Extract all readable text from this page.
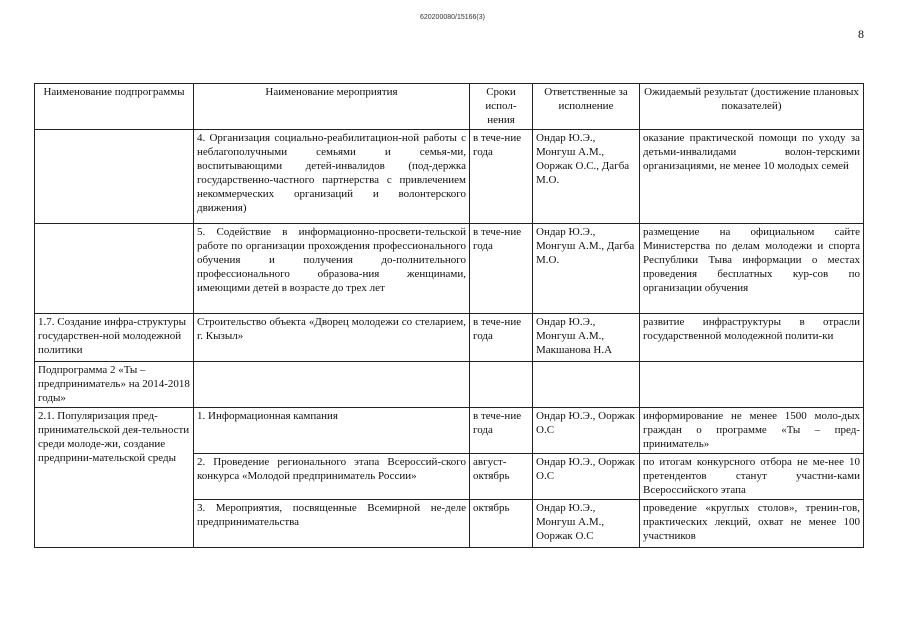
620200080/15166(3)
8
Наименование подпрограммы	Наименование мероприятия	Сроки испол-нения	Ответственные за исполнение	Ожидаемый результат (достижение плановых показателей)
	4. Организация социально-реабилитацион-ной работы с неблагополучными семьями и семья-ми, воспитывающими детей-инвалидов (под-держка государственно-частного партнерства с привлечением некоммерческих организаций и волонтерского движения)	в тече-ние года	Ондар Ю.Э., Монгуш А.М., Ооржак О.С., Дагба М.О.	оказание практической помощи по уходу за детьми-инвалидами волон-терскими организациями, не менее 10 молодых семей
	5. Содействие в информационно-просвети-тельской работе по организации прохождения профессионального обучения и получения до-полнительного профессионального образова-ния женщинами, имеющими детей в возрасте до трех лет	в тече-ние года	Ондар Ю.Э., Монгуш А.М., Дагба М.О.	размещение на официальном сайте Министерства по делам молодежи и спорта Республики Тыва информации о местах проведения бесплатных кур-сов по организации обучения
1.7. Создание инфра-структуры государствен-ной молодежной политики	Строительство объекта «Дворец молодежи со стеларием, г. Кызыл»	в тече-ние года	Ондар Ю.Э., Монгуш А.М., Макшанова Н.А	развитие инфраструктуры в отрасли государственной молодежной полити-ки
Подпрограмма 2 «Ты – предприниматель» на 2014-2018 годы»				
2.1. Популяризация пред-принимательской дея-тельности среди молоде-жи, создание предприни-мательской среды	1. Информационная кампания	в тече-ние года	Ондар Ю.Э., Ооржак О.С	информирование не менее 1500 моло-дых граждан о программе «Ты – пред-приниматель»
	2. Проведение регионального этапа Всероссий-ского конкурса «Молодой предприниматель России»	август-октябрь	Ондар Ю.Э., Ооржак О.С	по итогам конкурсного отбора не ме-нее 10 претендентов станут участни-ками Всероссийского этапа
	3. Мероприятия, посвященные Всемирной не-деле предпринимательства	октябрь	Ондар Ю.Э., Монгуш А.М., Ооржак О.С	проведение «круглых столов», тренин-гов, практических лекций, охват не менее 100 участников
